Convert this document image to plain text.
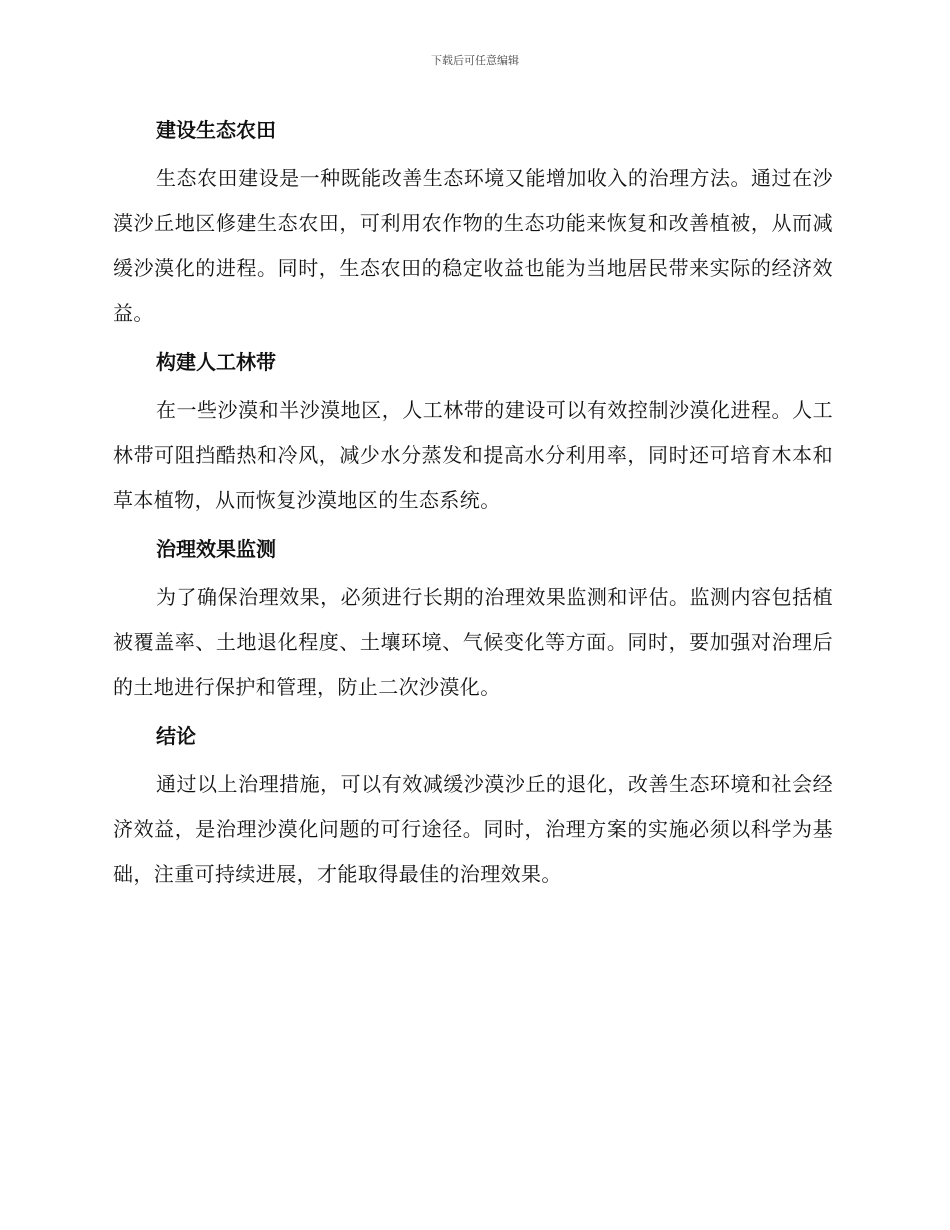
下载后可任意编辑
建设生态农田

生态农田建设是一种既能改善生态环境又能增加收入的治理方法。通过在沙漠沙丘地区修建生态农田，可利用农作物的生态功能来恢复和改善植被，从而减缓沙漠化的进程。同时，生态农田的稳定收益也能为当地居民带来实际的经济效益。

构建人工林带

在一些沙漠和半沙漠地区，人工林带的建设可以有效控制沙漠化进程。人工林带可阻挡酷热和冷风，减少水分蒸发和提高水分利用率，同时还可培育木本和草本植物，从而恢复沙漠地区的生态系统。

治理效果监测

为了确保治理效果，必须进行长期的治理效果监测和评估。监测内容包括植被覆盖率、土地退化程度、土壤环境、气候变化等方面。同时，要加强对治理后的土地进行保护和管理，防止二次沙漠化。

结论

通过以上治理措施，可以有效减缓沙漠沙丘的退化，改善生态环境和社会经济效益，是治理沙漠化问题的可行途径。同时，治理方案的实施必须以科学为基础，注重可持续进展，才能取得最佳的治理效果。
